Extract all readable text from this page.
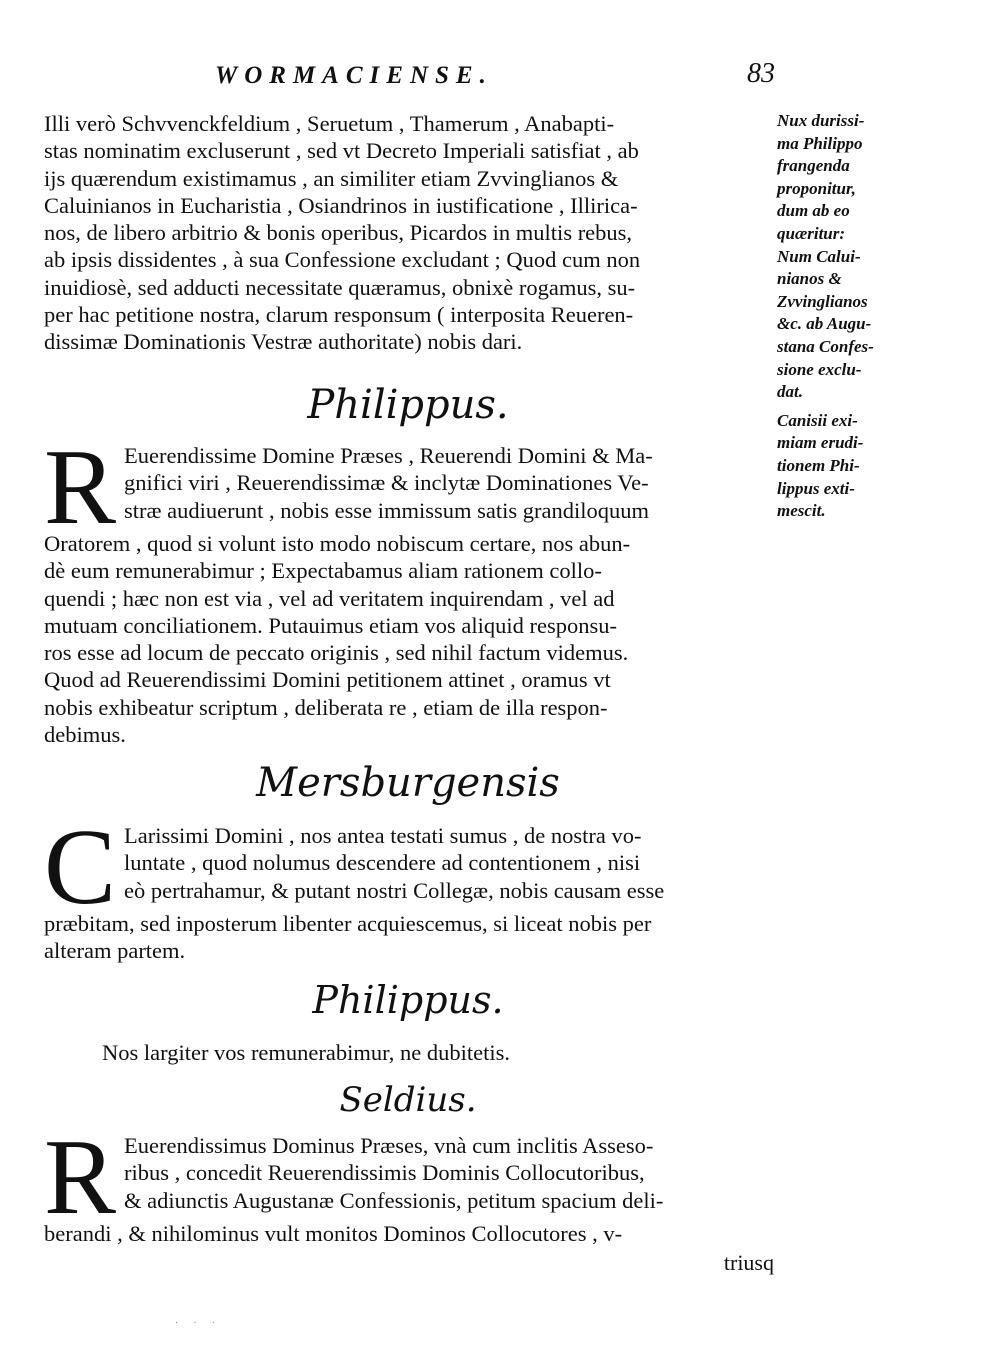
WORMACIENSE.	83
Illi verò Schvvenckfeldium , Seruetum , Thamerum , Anabapti-
stas nominatim excluserunt , sed vt Decreto Imperiali satisfiat , ab
ijs quærendum existimamus , an similiter etiam Zvvinglianos &
Caluinianos in Eucharistia , Osiandrinos in iustificatione , Illirica-
nos, de libero arbitrio & bonis operibus, Picardos in multis rebus,
ab ipsis dissidentes , à sua Confessione excludant ; Quod cum non
inuidiosè, sed adducti necessitate quæramus, obnixè rogamus, su-
per hac petitione nostra, clarum responsum ( interposita Reueren-
dissimæ Dominationis Vestræ authoritate) nobis dari.
Philippus.
R Euerendissime Domine Præses , Reuerendi Domini & Ma-
gnifici viri , Reuerendissimæ & inclytæ Dominationes Ve-
stræ audiuerunt , nobis esse immissum satis grandiloquum
Oratorem , quod si volunt isto modo nobiscum certare, nos abun-
dè eum remunerabimur ; Expectabamus aliam rationem collo-
quendi ; hæc non est via , vel ad veritatem inquirendam , vel ad
mutuam conciliationem. Putauimus etiam vos aliquid responsu-
ros esse ad locum de peccato originis , sed nihil factum videmus.
Quod ad Reuerendissimi Domini petitionem attinet , oramus vt
nobis exhibeatur scriptum , deliberata re , etiam de illa respon-
debimus.
Mersburgensis
C Larissimi Domini , nos antea testati sumus , de nostra vo-
luntate , quod nolumus descendere ad contentionem , nisi
eò pertrahamur, & putant nostri Collegæ, nobis causam esse
præbitam, sed inposterum libenter acquiescemus, si liceat nobis per
alteram partem.
Philippus.
Nos largiter vos remunerabimur, ne dubitetis.
Seldius.
R Euerendissimus Dominus Præses, vnà cum inclitis Asseso-
ribus , concedit Reuerendissimis Dominis Collocutoribus,
& adiunctis Augustanæ Confessionis, petitum spacium deli-
berandi , & nihilominus vult monitos Dominos Collocutores , v-
triusq

Nux durissi-
ma Philippo
frangenda
proponitur,
dum ab eo
quæritur:
Num Calui-
nianos &
Zvvinglianos
&c. ab Augu-
stana Confes-
sione exclu-
dat.

Canisii exi-
miam erudi-
tionem Phi-
lippus exti-
mescit.

· · ·
